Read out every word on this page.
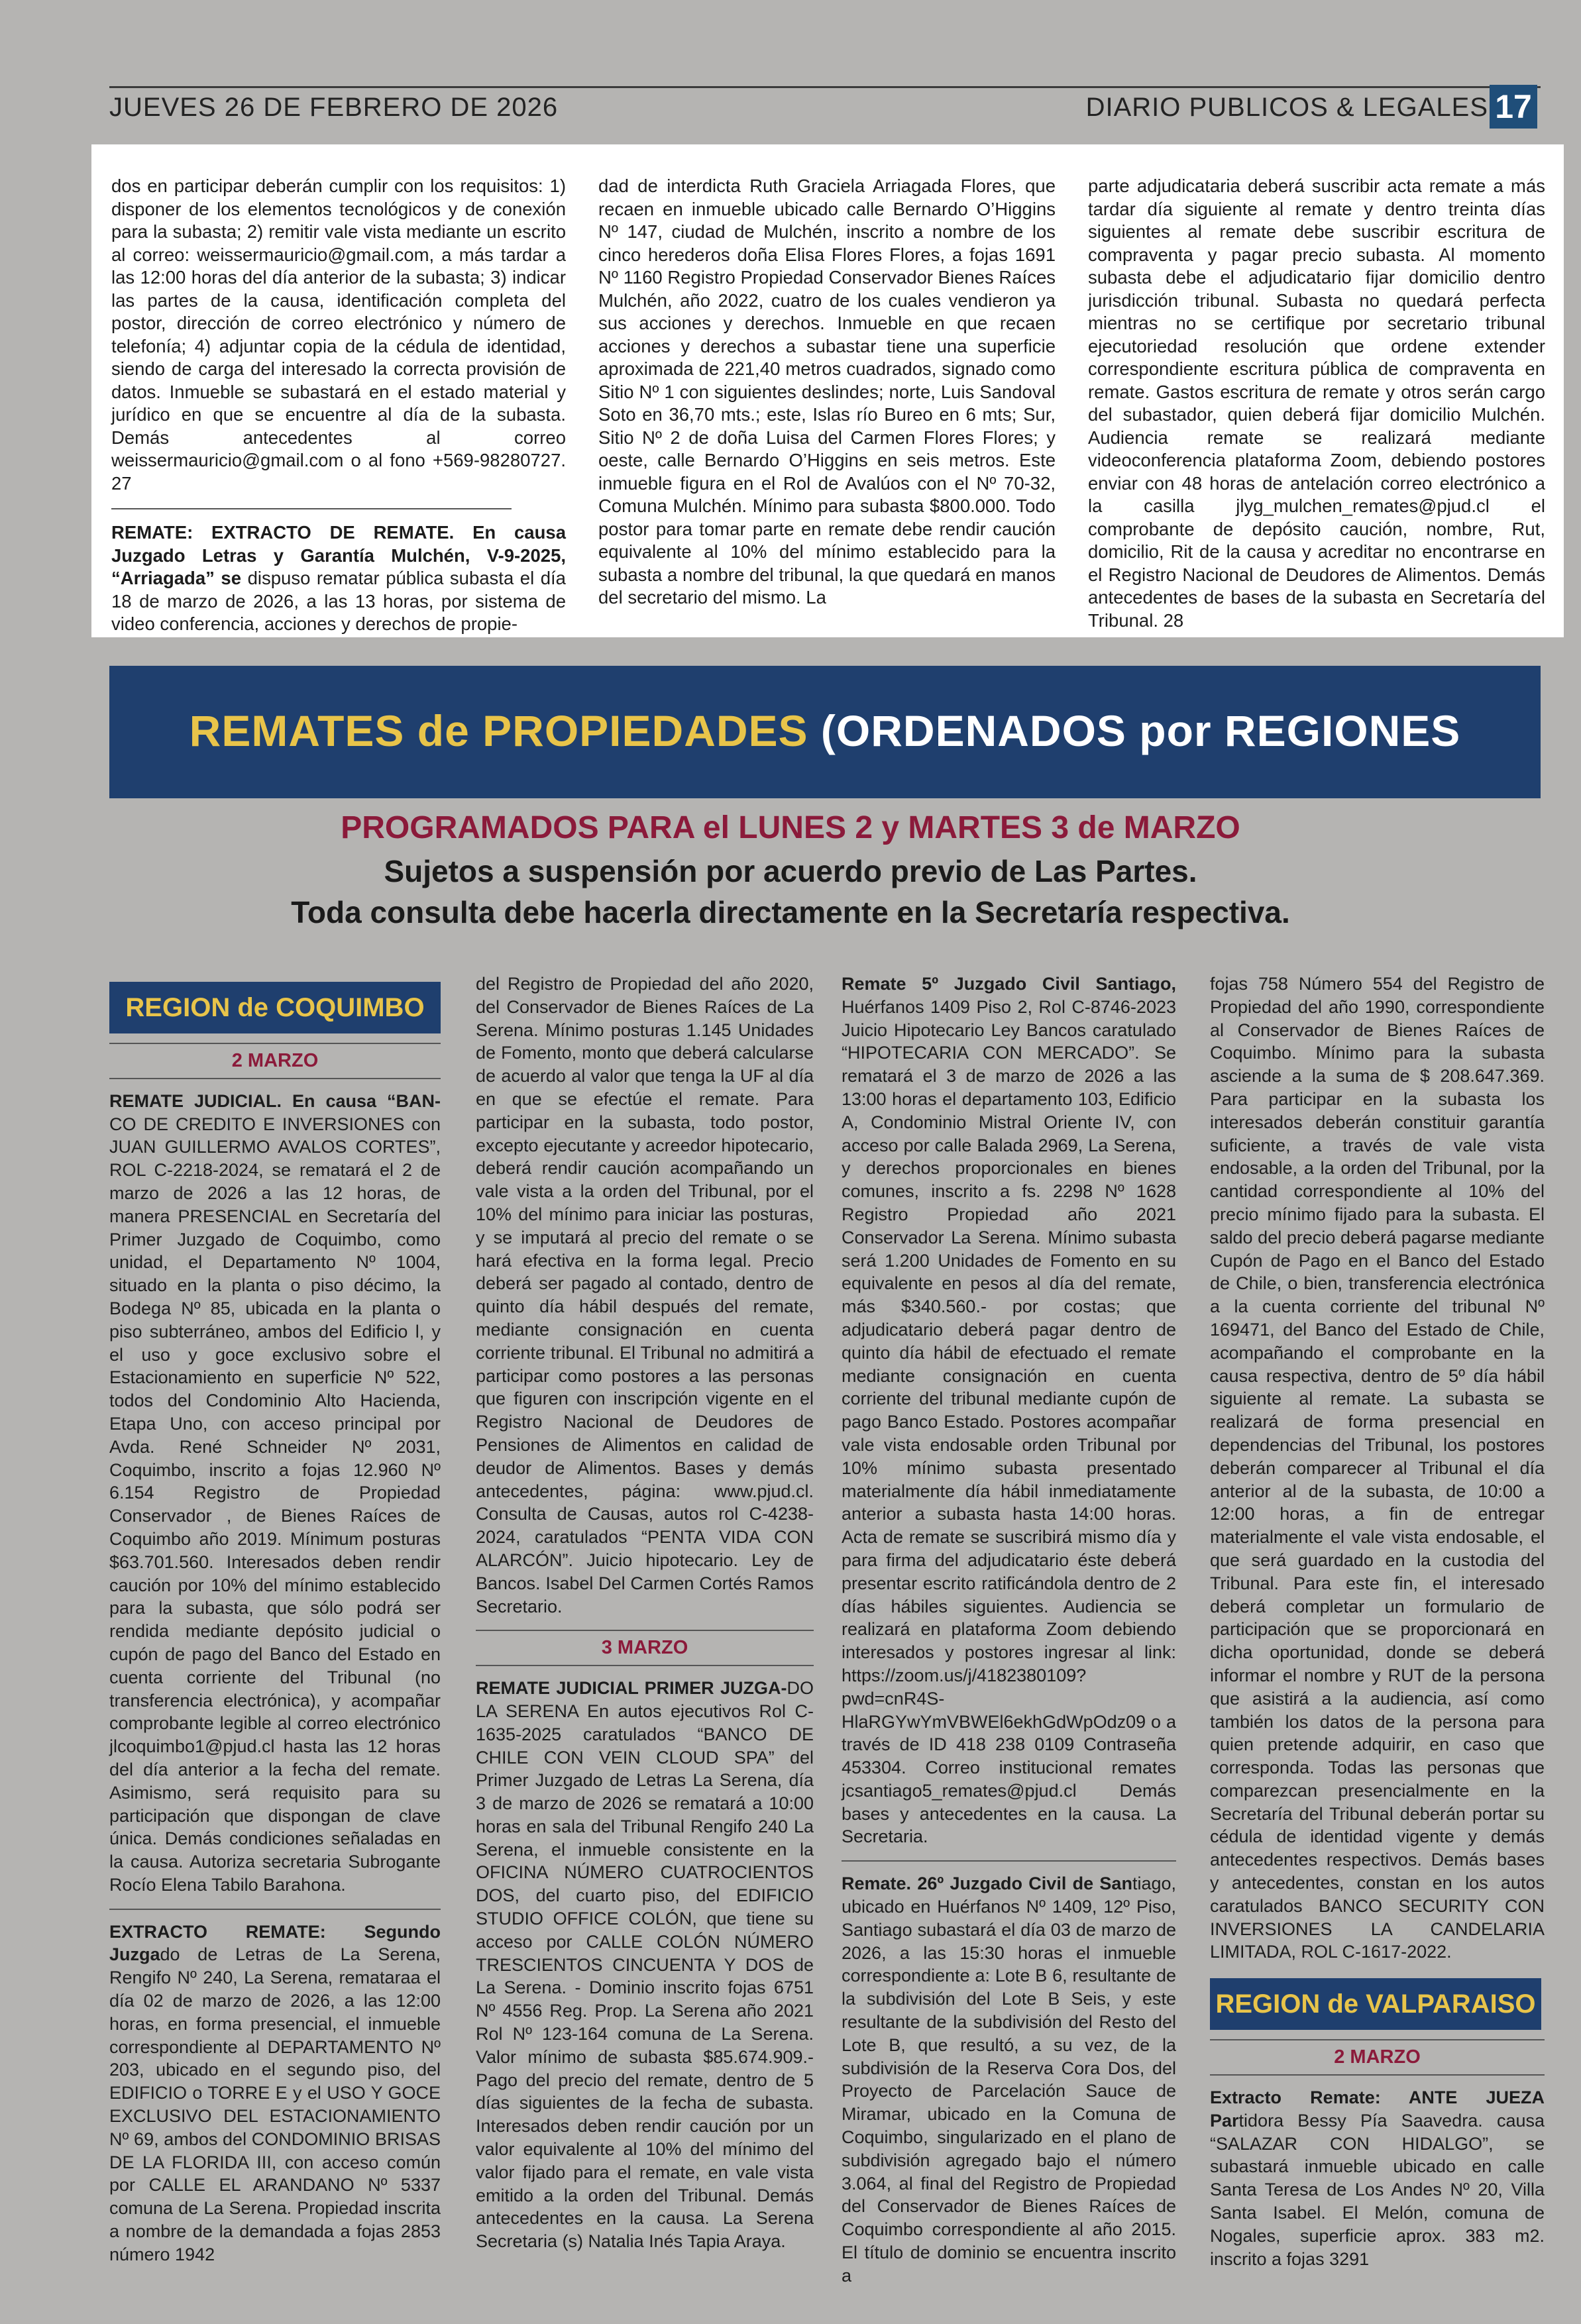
JUEVES 26 DE FEBRERO DE 2026	DIARIO PUBLICOS & LEGALES 17

dos en participar deberán cumplir con los requisitos: 1) disponer de los elementos tecnológicos y de conexión para la subasta; 2) remitir vale vista mediante un escrito al correo: weissermauricio@gmail.com, a más tardar a las 12:00 horas del día anterior de la subasta; 3) indicar las partes de la causa, identificación completa del postor, dirección de correo electrónico y número de telefonía; 4) adjuntar copia de la cédula de identidad, siendo de carga del interesado la correcta provisión de datos. Inmueble se subastará en el estado material y jurídico en que se encuentre al día de la subasta. Demás antecedentes al correo weissermauricio@gmail.com o al fono +569-98280727. 27

REMATE: EXTRACTO DE REMATE. En causa Juzgado Letras y Garantía Mulchén, V-9-2025, “Arriagada” se dispuso rematar pública subasta el día 18 de marzo de 2026, a las 13 horas, por sistema de video conferencia, acciones y derechos de propie-

dad de interdicta Ruth Graciela Arriagada Flores, que recaen en inmueble ubicado calle Bernardo O’Higgins Nº 147, ciudad de Mulchén, inscrito a nombre de los cinco herederos doña Elisa Flores Flores, a fojas 1691 Nº 1160 Registro Propiedad Conservador Bienes Raíces Mulchén, año 2022, cuatro de los cuales vendieron ya sus acciones y derechos. Inmueble en que recaen acciones y derechos a subastar tiene una superficie aproximada de 221,40 metros cuadrados, signado como Sitio Nº 1 con siguientes deslindes; norte, Luis Sandoval Soto en 36,70 mts.; este, Islas río Bureo en 6 mts; Sur, Sitio Nº 2 de doña Luisa del Carmen Flores Flores; y oeste, calle Bernardo O’Higgins en seis metros. Este inmueble figura en el Rol de Avalúos con el Nº 70-32, Comuna Mulchén. Mínimo para subasta $800.000. Todo postor para tomar parte en remate debe rendir caución equivalente al 10% del mínimo establecido para la subasta a nombre del tribunal, la que quedará en manos del secretario del mismo. La

parte adjudicataria deberá suscribir acta remate a más tardar día siguiente al remate y dentro treinta días siguientes al remate debe suscribir escritura de compraventa y pagar precio subasta. Al momento subasta debe el adjudicatario fijar domicilio dentro jurisdicción tribunal. Subasta no quedará perfecta mientras no se certifique por secretario tribunal ejecutoriedad resolución que ordene extender correspondiente escritura pública de compraventa en remate. Gastos escritura de remate y otros serán cargo del subastador, quien deberá fijar domicilio Mulchén. Audiencia remate se realizará mediante videoconferencia plataforma Zoom, debiendo postores enviar con 48 horas de antelación correo electrónico a la casilla jlyg_mulchen_remates@pjud.cl el comprobante de depósito caución, nombre, Rut, domicilio, Rit de la causa y acreditar no encontrarse en el Registro Nacional de Deudores de Alimentos. Demás antecedentes de bases de la subasta en Secretaría del Tribunal. 28

REMATES de PROPIEDADES (ORDENADOS por REGIONES
PROGRAMADOS PARA el LUNES 2 y MARTES 3 de MARZO
Sujetos a suspensión por acuerdo previo de Las Partes.
Toda consulta debe hacerla directamente en la Secretaría respectiva.
REGION de COQUIMBO
2 MARZO

REMATE JUDICIAL. En causa “BAN- CO DE CREDITO E INVERSIONES con JUAN GUILLERMO AVALOS CORTES”, ROL C-2218-2024, se rematará el 2 de marzo de 2026 a las 12 horas, de manera PRESENCIAL en Secretaría del Primer Juzgado de Coquimbo, como unidad, el Departamento Nº 1004, situado en la planta o piso décimo, la Bodega Nº 85, ubicada en la planta o piso subterráneo, ambos del Edificio l, y el uso y goce exclusivo sobre el Estacionamiento en superficie Nº 522, todos del Condominio Alto Hacienda, Etapa Uno, con acceso principal por Avda. René Schneider Nº 2031, Coquimbo, inscrito a fojas 12.960 Nº 6.154 Registro de Propiedad Conservador , de Bienes Raíces de Coquimbo año 2019. Mínimum posturas $63.701.560. Interesados deben rendir caución por 10% del mínimo establecido para la subasta, que sólo podrá ser rendida mediante depósito judicial o cupón de pago del Banco del Estado en cuenta corriente del Tribunal (no transferencia electrónica), y acompañar comprobante legible al correo electrónico jlcoquimbo1@pjud.cl hasta las 12 horas del día anterior a la fecha del remate. Asimismo, será requisito para su participación que dispongan de clave única. Demás condiciones señaladas en la causa. Autoriza secretaria Subrogante Rocío Elena Tabilo Barahona.

EXTRACTO REMATE: Segundo Juzgado de Letras de La Serena, Rengifo Nº 240, La Serena, remataraa el día 02 de marzo de 2026, a las 12:00 horas, en forma presencial, el inmueble correspondiente al DEPARTAMENTO Nº 203, ubicado en el segundo piso, del EDIFICIO o TORRE E y el USO Y GOCE EXCLUSIVO DEL ESTACIONAMIENTO Nº 69, ambos del CONDOMINIO BRISAS DE LA FLORIDA III, con acceso común por CALLE EL ARANDANO Nº 5337 comuna de La Serena. Propiedad inscrita a nombre de la demandada a fojas 2853 número 1942

del Registro de Propiedad del año 2020, del Conservador de Bienes Raíces de La Serena. Mínimo posturas 1.145 Unidades de Fomento, monto que deberá calcularse de acuerdo al valor que tenga la UF al día en que se efectúe el remate. Para participar en la subasta, todo postor, excepto ejecutante y acreedor hipotecario, deberá rendir caución acompañando un vale vista a la orden del Tribunal, por el 10% del mínimo para iniciar las posturas, y se imputará al precio del remate o se hará efectiva en la forma legal. Precio deberá ser pagado al contado, dentro de quinto día hábil después del remate, mediante consignación en cuenta corriente tribunal. El Tribunal no admitirá a participar como postores a las personas que figuren con inscripción vigente en el Registro Nacional de Deudores de Pensiones de Alimentos en calidad de deudor de Alimentos. Bases y demás antecedentes, página: www.pjud.cl. Consulta de Causas, autos rol C-4238-2024, caratulados “PENTA VIDA CON ALARCÓN”. Juicio hipotecario. Ley de Bancos. Isabel Del Carmen Cortés Ramos Secretario.

3 MARZO

REMATE JUDICIAL PRIMER JUZGA-DO LA SERENA En autos ejecutivos Rol C-1635-2025 caratulados “BANCO DE CHILE CON VEIN CLOUD SPA” del Primer Juzgado de Letras La Serena, día 3 de marzo de 2026 se rematará a 10:00 horas en sala del Tribunal Rengifo 240 La Serena, el inmueble consistente en la OFICINA NÚMERO CUATROCIENTOS DOS, del cuarto piso, del EDIFICIO STUDIO OFFICE COLÓN, que tiene su acceso por CALLE COLÓN NÚMERO TRESCIENTOS CINCUENTA Y DOS de La Serena. - Dominio inscrito fojas 6751 Nº 4556 Reg. Prop. La Serena año 2021 Rol Nº 123-164 comuna de La Serena. Valor mínimo de subasta $85.674.909.- Pago del precio del remate, dentro de 5 días siguientes de la fecha de subasta. Interesados deben rendir caución por un valor equivalente al 10% del mínimo del valor fijado para el remate, en vale vista emitido a la orden del Tribunal. Demás antecedentes en la causa. La Serena Secretaria (s) Natalia Inés Tapia Araya.

Remate 5º Juzgado Civil Santiago, Huérfanos 1409 Piso 2, Rol C-8746-2023 Juicio Hipotecario Ley Bancos caratulado “HIPOTECARIA CON MERCADO”. Se rematará el 3 de marzo de 2026 a las 13:00 horas el departamento 103, Edificio A, Condominio Mistral Oriente IV, con acceso por calle Balada 2969, La Serena, y derechos proporcionales en bienes comunes, inscrito a fs. 2298 Nº 1628 Registro Propiedad año 2021 Conservador La Serena. Mínimo subasta será 1.200 Unidades de Fomento en su equivalente en pesos al día del remate, más $340.560.- por costas; que adjudicatario deberá pagar dentro de quinto día hábil de efectuado el remate mediante consignación en cuenta corriente del tribunal mediante cupón de pago Banco Estado. Postores acompañar vale vista endosable orden Tribunal por 10% mínimo subasta presentado materialmente día hábil inmediatamente anterior a subasta hasta 14:00 horas. Acta de remate se suscribirá mismo día y para firma del adjudicatario éste deberá presentar escrito ratificándola dentro de 2 días hábiles siguientes. Audiencia se realizará en plataforma Zoom debiendo interesados y postores ingresar al link: https://zoom.us/j/4182380109?pwd=cnR4S-HlaRGYwYmVBWEl6ekhGdWpOdz09 o a través de ID 418 238 0109 Contraseña 453304. Correo institucional remates jcsantiago5_remates@pjud.cl Demás bases y antecedentes en la causa. La Secretaria.

Remate. 26º Juzgado Civil de Santiago, ubicado en Huérfanos Nº 1409, 12º Piso, Santiago subastará el día 03 de marzo de 2026, a las 15:30 horas el inmueble correspondiente a: Lote B 6, resultante de la subdivisión del Lote B Seis, y este resultante de la subdivisión del Resto del Lote B, que resultó, a su vez, de la subdivisión de la Reserva Cora Dos, del Proyecto de Parcelación Sauce de Miramar, ubicado en la Comuna de Coquimbo, singularizado en el plano de subdivisión agregado bajo el número 3.064, al final del Registro de Propiedad del Conservador de Bienes Raíces de Coquimbo correspondiente al año 2015. El título de dominio se encuentra inscrito a

fojas 758 Número 554 del Registro de Propiedad del año 1990, correspondiente al Conservador de Bienes Raíces de Coquimbo. Mínimo para la subasta asciende a la suma de $ 208.647.369. Para participar en la subasta los interesados deberán constituir garantía suficiente, a través de vale vista endosable, a la orden del Tribunal, por la cantidad correspondiente al 10% del precio mínimo fijado para la subasta. El saldo del precio deberá pagarse mediante Cupón de Pago en el Banco del Estado de Chile, o bien, transferencia electrónica a la cuenta corriente del tribunal Nº 169471, del Banco del Estado de Chile, acompañando el comprobante en la causa respectiva, dentro de 5º día hábil siguiente al remate. La subasta se realizará de forma presencial en dependencias del Tribunal, los postores deberán comparecer al Tribunal el día anterior al de la subasta, de 10:00 a 12:00 horas, a fin de entregar materialmente el vale vista endosable, el que será guardado en la custodia del Tribunal. Para este fin, el interesado deberá completar un formulario de participación que se proporcionará en dicha oportunidad, donde se deberá informar el nombre y RUT de la persona que asistirá a la audiencia, así como también los datos de la persona para quien pretende adquirir, en caso que corresponda. Todas las personas que comparezcan presencialmente en la Secretaría del Tribunal deberán portar su cédula de identidad vigente y demás antecedentes respectivos. Demás bases y antecedentes, constan en los autos caratulados BANCO SECURITY CON INVERSIONES LA CANDELARIA LIMITADA, ROL C-1617-2022.

REGION de VALPARAISO
2 MARZO

Extracto Remate: ANTE JUEZA Partidora Bessy Pía Saavedra. causa “SALAZAR CON HIDALGO”, se subastará inmueble ubicado en calle Santa Teresa de Los Andes Nº 20, Villa Santa Isabel. El Melón, comuna de Nogales, superficie aprox. 383 m2. inscrito a fojas 3291
